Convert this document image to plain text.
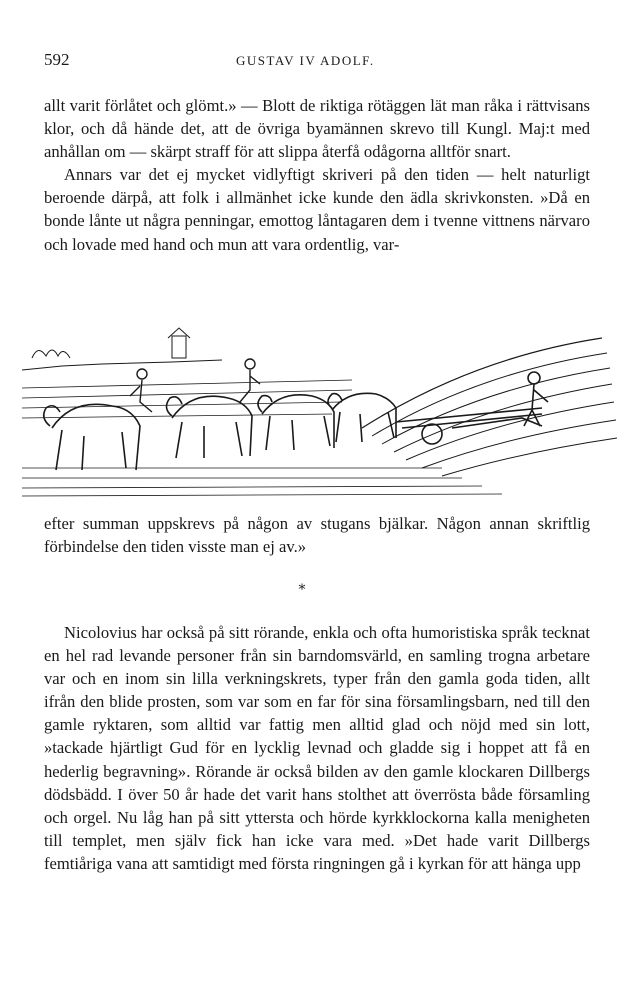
592	GUSTAV IV ADOLF.

allt varit förlåtet och glömt.» — Blott de riktiga rötäggen lät man råka i rättvisans klor, och då hände det, att de övriga byamännen skrevo till Kungl. Maj:t med anhållan om — skärpt straff för att slippa återfå odågorna alltför snart.

Annars var det ej mycket vidlyftigt skriveri på den tiden — helt naturligt beroende därpå, att folk i allmänhet icke kunde den ädla skrivkonsten. »Då en bonde lånte ut några penningar, emottog låntagaren dem i tvenne vittnens närvaro och lovade med hand och mun att vara ordentlig, var-

efter summan uppskrevs på någon av stugans bjälkar. Någon annan skriftlig förbindelse den tiden visste man ej av.»

*

Nicolovius har också på sitt rörande, enkla och ofta humoristiska språk tecknat en hel rad levande personer från sin barndomsvärld, en samling trogna arbetare var och en inom sin lilla verkningskrets, typer från den gamla goda tiden, allt ifrån den blide prosten, som var som en far för sina församlingsbarn, ned till den gamle ryktaren, som alltid var fattig men alltid glad och nöjd med sin lott, »tackade hjärtligt Gud för en lycklig levnad och gladde sig i hoppet att få en hederlig begravning». Rörande är också bilden av den gamle klockaren Dillbergs dödsbädd. I över 50 år hade det varit hans stolthet att överrösta både församling och orgel. Nu låg han på sitt yttersta och hörde kyrkklockorna kalla menigheten till templet, men själv fick han icke vara med. »Det hade varit Dillbergs femtiåriga vana att samtidigt med första ringningen gå i kyrkan för att hänga upp
